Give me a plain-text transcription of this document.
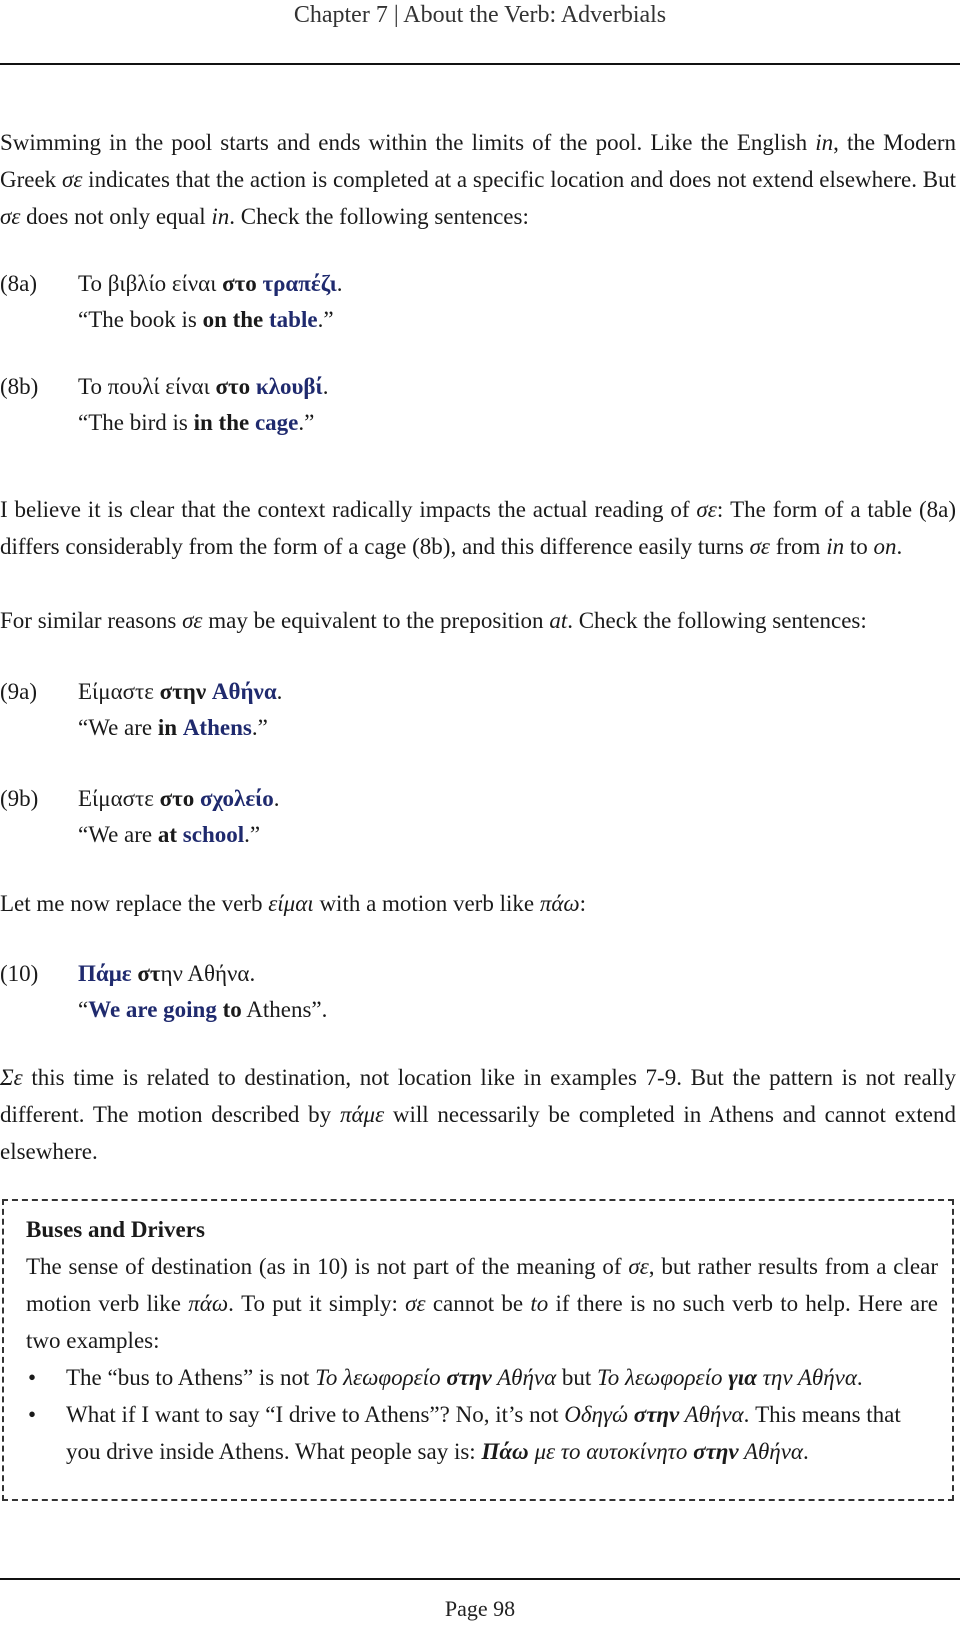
Chapter 7 | About the Verb: Adverbials

Swimming in the pool starts and ends within the limits of the pool. Like the English in, the Modern Greek σε indicates that the action is completed at a specific location and does not extend elsewhere. But σε does not only equal in. Check the following sentences:

(8a) Το βιβλίο είναι στο τραπέζι.
“The book is on the table.”
(8b) Το πουλί είναι στο κλουβί.
“The bird is in the cage.”

I believe it is clear that the context radically impacts the actual reading of σε: The form of a table (8a) differs considerably from the form of a cage (8b), and this difference easily turns σε from in to on.

For similar reasons σε may be equivalent to the preposition at. Check the following sentences:

(9a) Είμαστε στην Αθήνα.
“We are in Athens.”
(9b) Είμαστε στο σχολείο.
“We are at school.”

Let me now replace the verb είμαι with a motion verb like πάω:

(10) Πάμε στην Αθήνα.
“We are going to Athens”.

Σε this time is related to destination, not location like in examples 7-9. But the pattern is not really different. The motion described by πάμε will necessarily be completed in Athens and cannot extend elsewhere.

Buses and Drivers

The sense of destination (as in 10) is not part of the meaning of σε, but rather results from a clear motion verb like πάω. To put it simply: σε cannot be to if there is no such verb to help. Here are two examples:

• The “bus to Athens” is not Το λεωφορείο στην Αθήνα but Το λεωφορείο για την Αθήνα.
• What if I want to say “I drive to Athens”? No, it’s not Οδηγώ στην Αθήνα. This means that you drive inside Athens. What people say is: Πάω με το αυτοκίνητο στην Αθήνα.
Page 98
